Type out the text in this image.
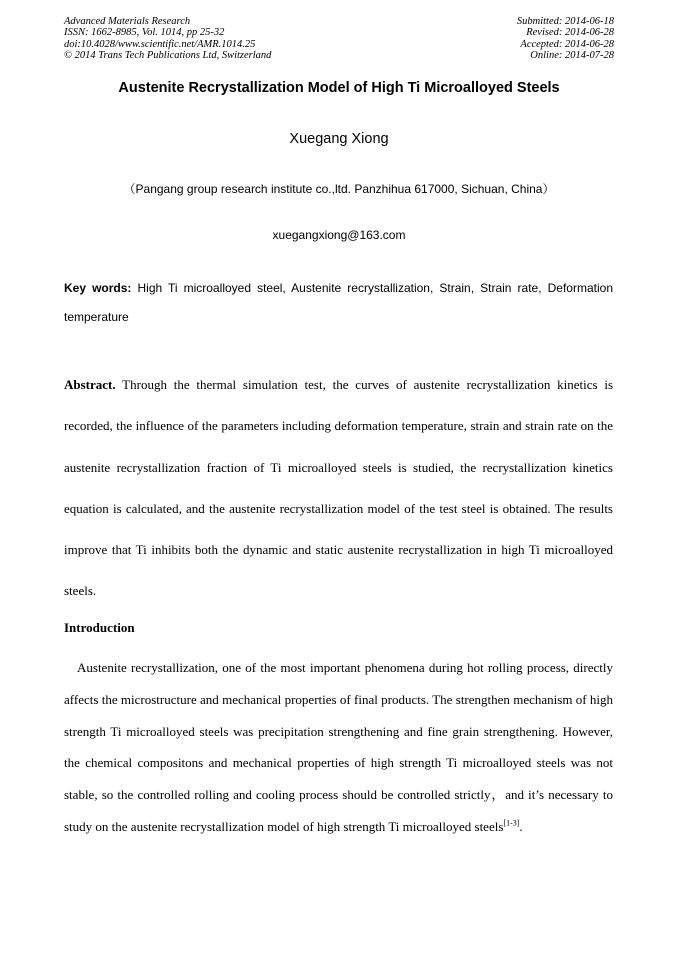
Advanced Materials Research
ISSN: 1662-8985, Vol. 1014, pp 25-32
doi:10.4028/www.scientific.net/AMR.1014.25
© 2014 Trans Tech Publications Ltd, Switzerland
Submitted: 2014-06-18
Revised: 2014-06-28
Accepted: 2014-06-28
Online: 2014-07-28
Austenite Recrystallization Model of High Ti Microalloyed Steels
Xuegang Xiong
（Pangang group research institute co.,ltd. Panzhihua 617000, Sichuan, China）
xuegangxiong@163.com
Key words: High Ti microalloyed steel, Austenite recrystallization, Strain, Strain rate, Deformation temperature
Abstract. Through the thermal simulation test, the curves of austenite recrystallization kinetics is recorded, the influence of the parameters including deformation temperature, strain and strain rate on the austenite recrystallization fraction of Ti microalloyed steels is studied, the recrystallization kinetics equation is calculated, and the austenite recrystallization model of the test steel is obtained. The results improve that Ti inhibits both the dynamic and static austenite recrystallization in high Ti microalloyed steels.
Introduction
Austenite recrystallization, one of the most important phenomena during hot rolling process, directly affects the microstructure and mechanical properties of final products. The strengthen mechanism of high strength Ti microalloyed steels was precipitation strengthening and fine grain strengthening. However, the chemical compositons and mechanical properties of high strength Ti microalloyed steels was not stable, so the controlled rolling and cooling process should be controlled strictly，and it’s necessary to study on the austenite recrystallization model of high strength Ti microalloyed steels[1-3].
